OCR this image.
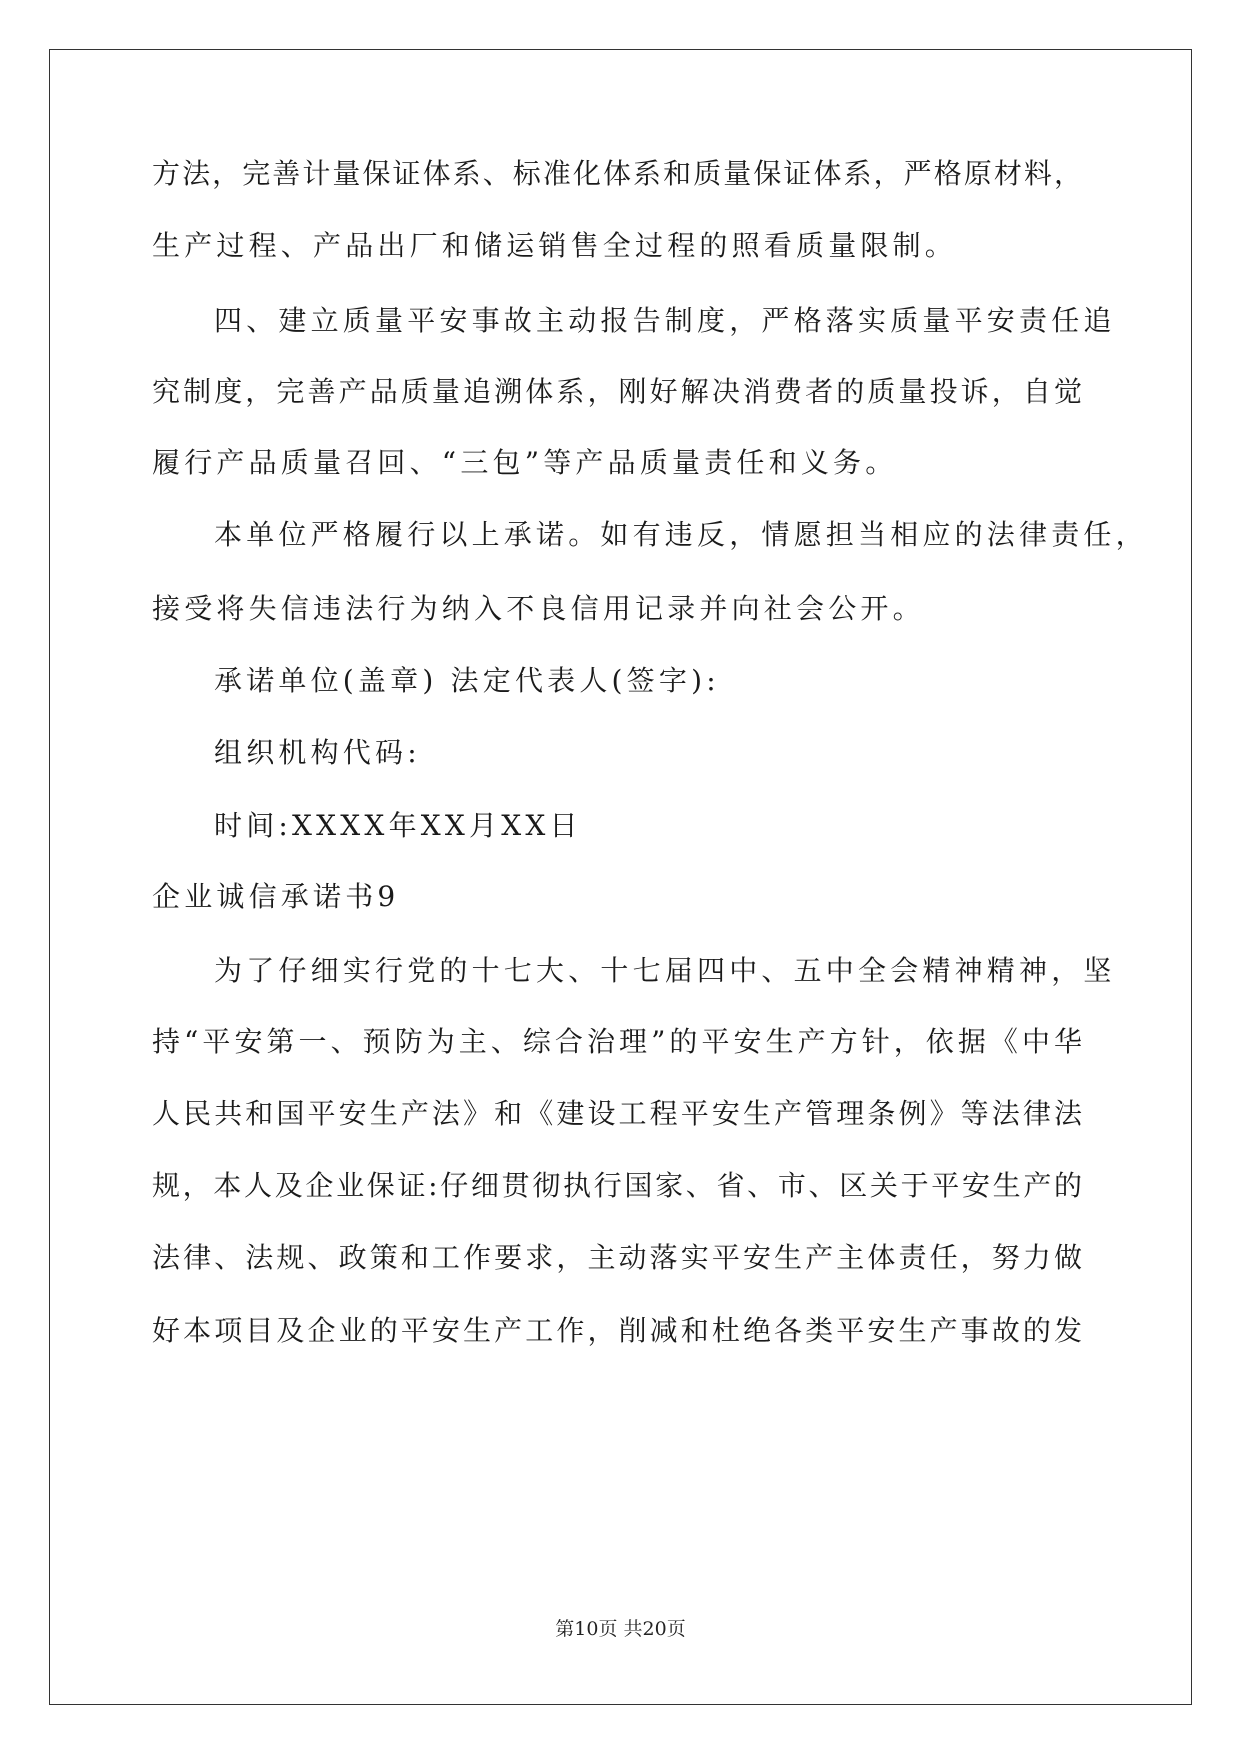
方法，完善计量保证体系、标准化体系和质量保证体系，严格原材料，
生产过程、产品出厂和储运销售全过程的照看质量限制。
四、建立质量平安事故主动报告制度，严格落实质量平安责任追
究制度，完善产品质量追溯体系，刚好解决消费者的质量投诉，自觉
履行产品质量召回、“三包”等产品质量责任和义务。
本单位严格履行以上承诺。如有违反，情愿担当相应的法律责任，
接受将失信违法行为纳入不良信用记录并向社会公开。
承诺单位(盖章) 法定代表人(签字):
组织机构代码:
时间:XXXX年XX月XX日
企业诚信承诺书9
为了仔细实行党的十七大、十七届四中、五中全会精神精神，坚
持“平安第一、预防为主、综合治理”的平安生产方针，依据《中华
人民共和国平安生产法》和《建设工程平安生产管理条例》等法律法
规，本人及企业保证:仔细贯彻执行国家、省、市、区关于平安生产的
法律、法规、政策和工作要求，主动落实平安生产主体责任，努力做
好本项目及企业的平安生产工作，削减和杜绝各类平安生产事故的发
第10页 共20页
